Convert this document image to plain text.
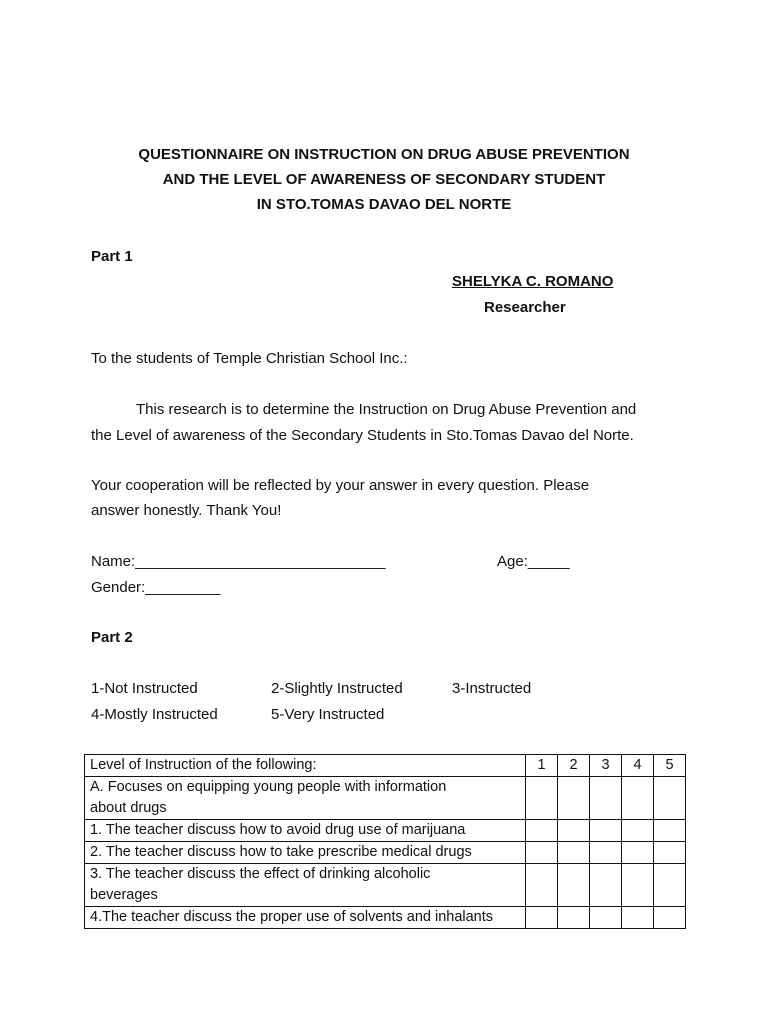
QUESTIONNAIRE ON INSTRUCTION ON DRUG ABUSE PREVENTION
AND THE LEVEL OF AWARENESS OF SECONDARY STUDENT
IN STO.TOMAS DAVAO DEL NORTE
Part 1
SHELYKA C. ROMANO
Researcher
To the students of Temple Christian School Inc.:
This research is to determine the Instruction on Drug Abuse Prevention and
the Level of awareness of the Secondary Students in Sto.Tomas Davao del Norte.
Your cooperation will be reflected by your answer in every question. Please
answer honestly. Thank You!
Name:______________________________	Age:_____
Gender:_________
Part 2
1-Not Instructed	2-Slightly Instructed	3-Instructed
4-Mostly Instructed	5-Very Instructed
Level of Instruction of the following:	1	2	3	4	5
A. Focuses on equipping young people with information about drugs					
1. The teacher discuss how to avoid drug use of marijuana					
2. The teacher discuss how to take prescribe medical drugs					
3. The teacher discuss the effect of drinking alcoholic beverages					
4.The teacher discuss the proper use of solvents and inhalants					
